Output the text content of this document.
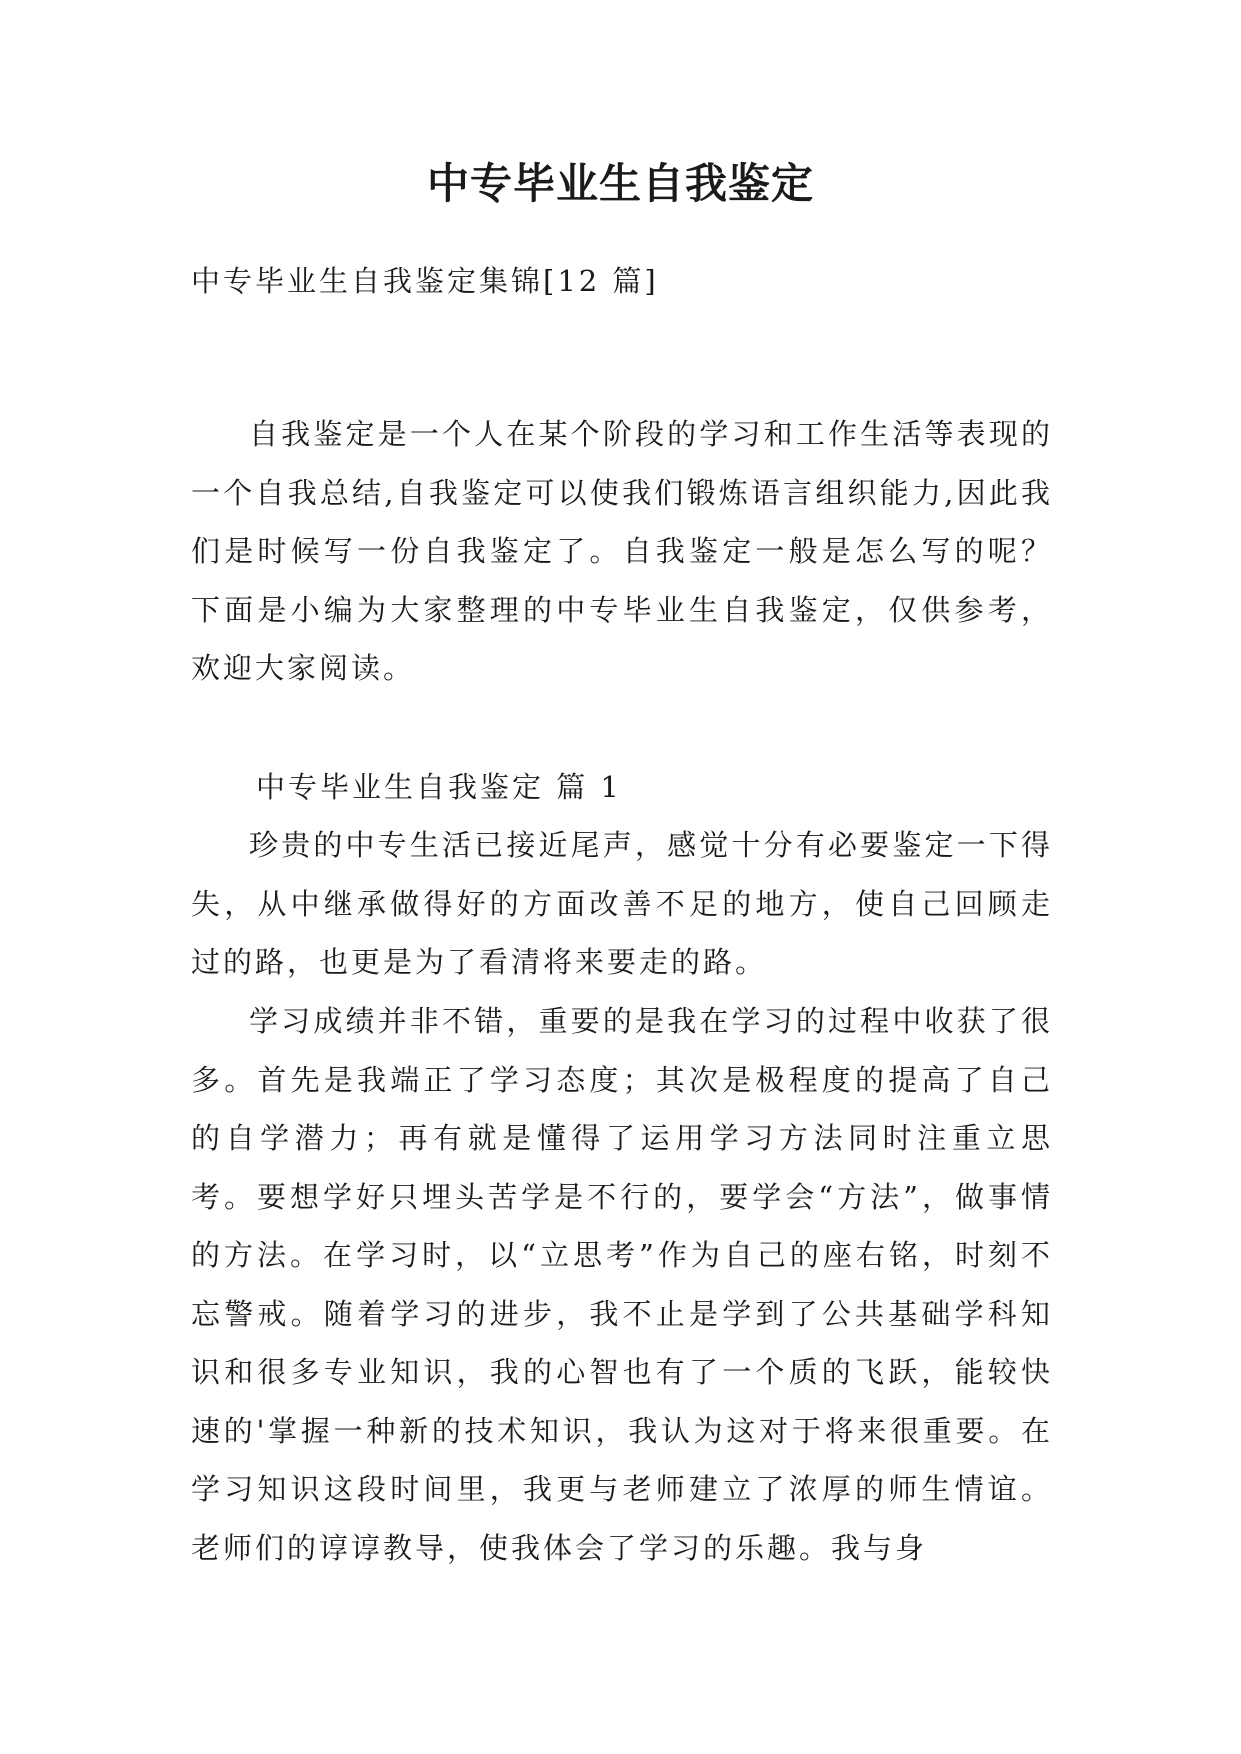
中专毕业生自我鉴定
中专毕业生自我鉴定集锦[12 篇]

自我鉴定是一个人在某个阶段的学习和工作生活等表现的一个自我总结,自我鉴定可以使我们锻炼语言组织能力,因此我们是时候写一份自我鉴定了。自我鉴定一般是怎么写的呢？下面是小编为大家整理的中专毕业生自我鉴定，仅供参考，欢迎大家阅读。

中专毕业生自我鉴定 篇 1

珍贵的中专生活已接近尾声，感觉十分有必要鉴定一下得失，从中继承做得好的方面改善不足的地方，使自己回顾走过的路，也更是为了看清将来要走的路。

学习成绩并非不错，重要的是我在学习的过程中收获了很多。首先是我端正了学习态度；其次是极程度的提高了自己的自学潜力；再有就是懂得了运用学习方法同时注重立思考。要想学好只埋头苦学是不行的，要学会“方法”，做事情的方法。在学习时，以“立思考”作为自己的座右铭，时刻不忘警戒。随着学习的进步，我不止是学到了公共基础学科知识和很多专业知识，我的心智也有了一个质的飞跃，能较快速的'掌握一种新的技术知识，我认为这对于将来很重要。在学习知识这段时间里，我更与老师建立了浓厚的师生情谊。老师们的谆谆教导，使我体会了学习的乐趣。我与身
